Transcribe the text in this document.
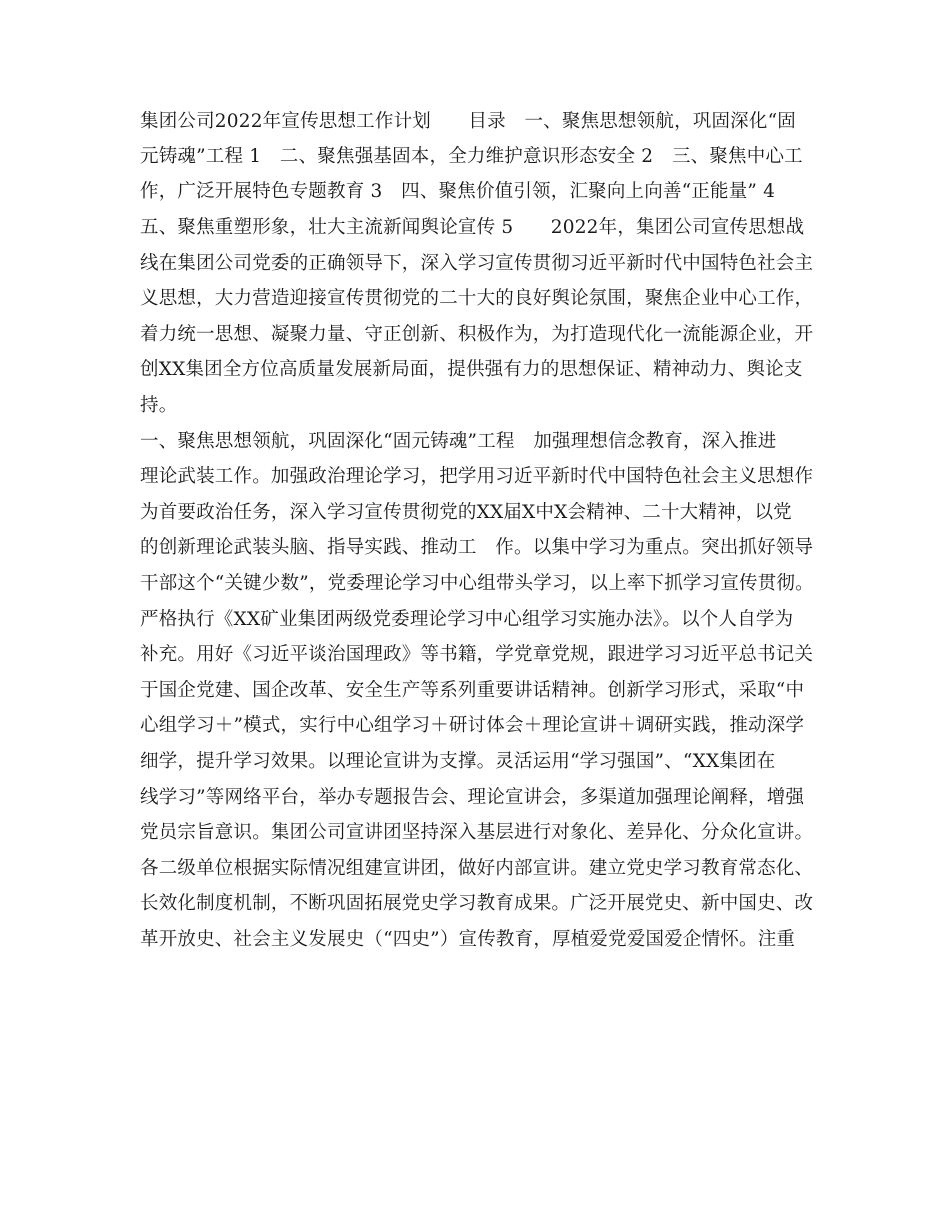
集团公司2022年宣传思想工作计划　　目录　一、聚焦思想领航，巩固深化“固
元铸魂”工程 1　二、聚焦强基固本，全力维护意识形态安全 2　三、聚焦中心工
作，广泛开展特色专题教育 3　四、聚焦价值引领，汇聚向上向善“正能量” 4
五、聚焦重塑形象，壮大主流新闻舆论宣传 5　　2022年，集团公司宣传思想战
线在集团公司党委的正确领导下，深入学习宣传贯彻习近平新时代中国特色社会主
义思想，大力营造迎接宣传贯彻党的二十大的良好舆论氛围，聚焦企业中心工作，
着力统一思想、凝聚力量、守正创新、积极作为，为打造现代化一流能源企业，开
创XX集团全方位高质量发展新局面，提供强有力的思想保证、精神动力、舆论支
持。
一、聚焦思想领航，巩固深化“固元铸魂”工程　加强理想信念教育，深入推进
理论武装工作。加强政治理论学习，把学用习近平新时代中国特色社会主义思想作
为首要政治任务，深入学习宣传贯彻党的XX届X中X会精神、二十大精神，以党
的创新理论武装头脑、指导实践、推动工　作。以集中学习为重点。突出抓好领导
干部这个“关键少数”，党委理论学习中心组带头学习，以上率下抓学习宣传贯彻。
严格执行《XX矿业集团两级党委理论学习中心组学习实施办法》。以个人自学为
补充。用好《习近平谈治国理政》等书籍，学党章党规，跟进学习习近平总书记关
于国企党建、国企改革、安全生产等系列重要讲话精神。创新学习形式，采取“中
心组学习＋”模式，实行中心组学习＋研讨体会＋理论宣讲＋调研实践，推动深学
细学，提升学习效果。以理论宣讲为支撑。灵活运用“学习强国”、“XX集团在
线学习”等网络平台，举办专题报告会、理论宣讲会，多渠道加强理论阐释，增强
党员宗旨意识。集团公司宣讲团坚持深入基层进行对象化、差异化、分众化宣讲。
各二级单位根据实际情况组建宣讲团，做好内部宣讲。建立党史学习教育常态化、
长效化制度机制，不断巩固拓展党史学习教育成果。广泛开展党史、新中国史、改
革开放史、社会主义发展史（“四史”）宣传教育，厚植爱党爱国爱企情怀。注重
